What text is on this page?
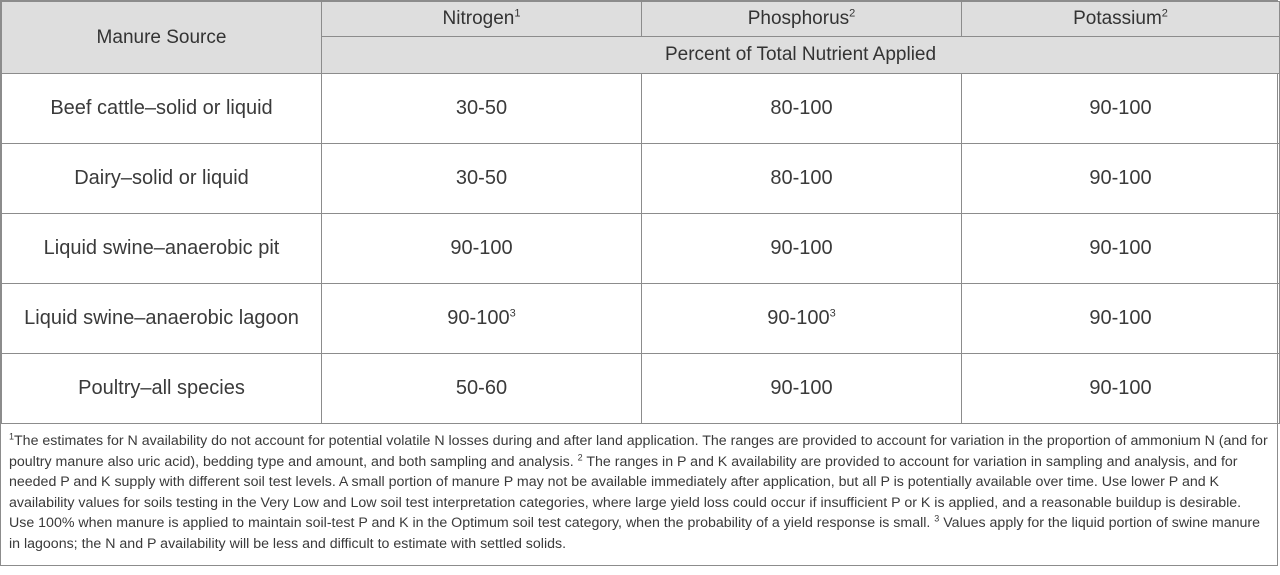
Manure Source	Nitrogen$^1$	Phosphorus$^2$	Potassium$^2$
	Percent of Total Nutrient Applied		
Beef cattle–solid or liquid	30-50	80-100	90-100
Dairy–solid or liquid	30-50	80-100	90-100
Liquid swine–anaerobic pit	90-100	90-100	90-100
Liquid swine–anaerobic lagoon	$90-100^3$	$90-100^3$	90-100
Poultry–all species	50-60	90-100	90-100
$^1$The estimates for N availability do not account for potential volatile N losses during and after land application. The ranges are provided to account for variation in the proportion of ammonium N (and for poultry manure also uric acid), bedding type and amount, and both sampling and analysis. $^2$ The ranges in P and K availability are provided to account for variation in sampling and analysis, and for needed P and K supply with different soil test levels. A small portion of manure P may not be available immediately after application, but all P is potentially available over time. Use lower P and K availability values for soils testing in the Very Low and Low soil test interpretation categories, where large yield loss could occur if insufficient P or K is applied, and a reasonable buildup is desirable. Use 100% when manure is applied to maintain soil-test P and K in the Optimum soil test category, when the probability of a yield response is small. $^3$ Values apply for the liquid portion of swine manure in lagoons; the N and P availability will be less and difficult to estimate with settled solids.
